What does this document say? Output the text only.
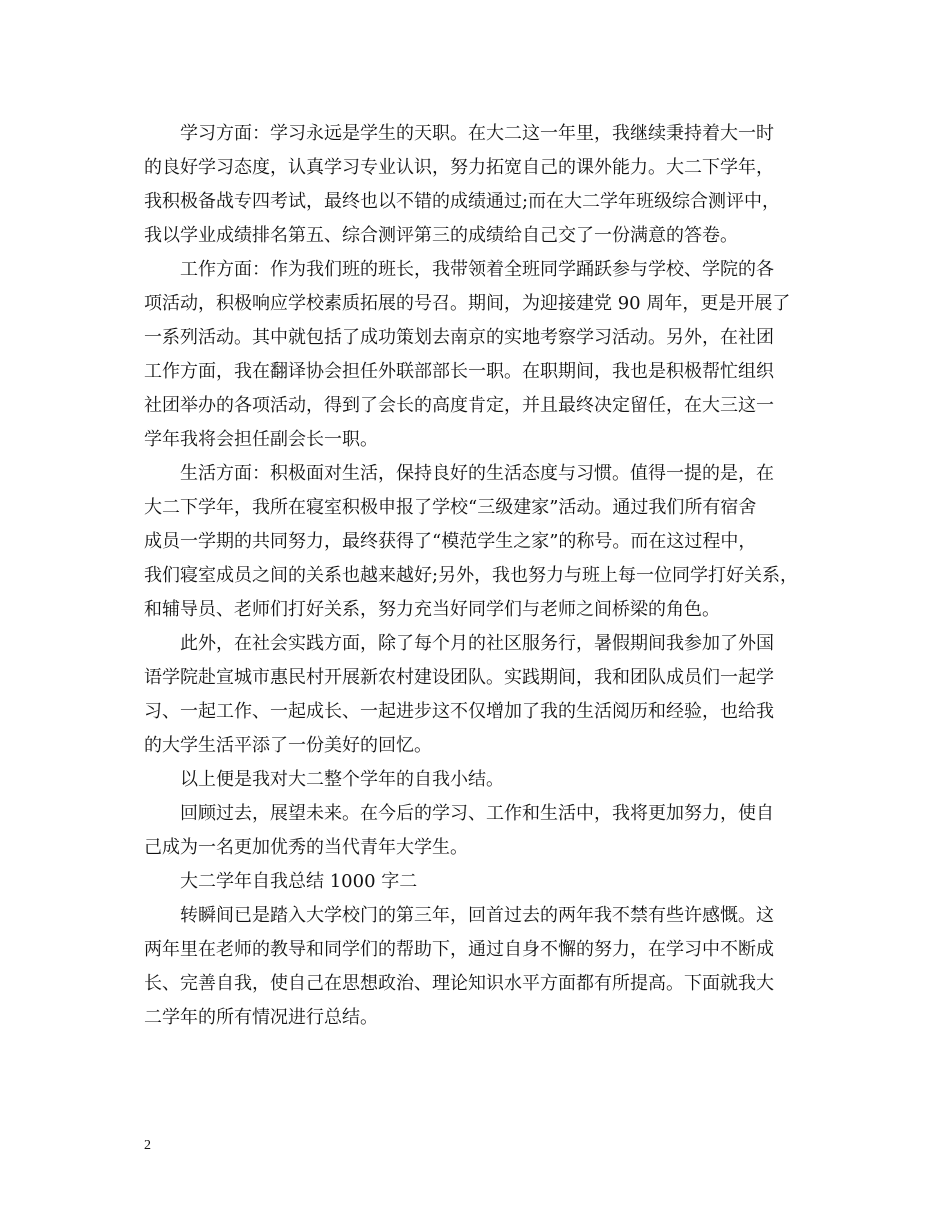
学习方面：学习永远是学生的天职。在大二这一年里，我继续秉持着大一时
的良好学习态度，认真学习专业认识，努力拓宽自己的课外能力。大二下学年，
我积极备战专四考试，最终也以不错的成绩通过;而在大二学年班级综合测评中，
我以学业成绩排名第五、综合测评第三的成绩给自己交了一份满意的答卷。
工作方面：作为我们班的班长，我带领着全班同学踊跃参与学校、学院的各
项活动，积极响应学校素质拓展的号召。期间，为迎接建党 90 周年，更是开展了
一系列活动。其中就包括了成功策划去南京的实地考察学习活动。另外，在社团
工作方面，我在翻译协会担任外联部部长一职。在职期间，我也是积极帮忙组织
社团举办的各项活动，得到了会长的高度肯定，并且最终决定留任，在大三这一
学年我将会担任副会长一职。
生活方面：积极面对生活，保持良好的生活态度与习惯。值得一提的是，在
大二下学年，我所在寝室积极申报了学校“三级建家”活动。通过我们所有宿舍
成员一学期的共同努力，最终获得了“模范学生之家”的称号。而在这过程中，
我们寝室成员之间的关系也越来越好;另外，我也努力与班上每一位同学打好关系，
和辅导员、老师们打好关系，努力充当好同学们与老师之间桥梁的角色。
此外，在社会实践方面，除了每个月的社区服务行，暑假期间我参加了外国
语学院赴宣城市惠民村开展新农村建设团队。实践期间，我和团队成员们一起学
习、一起工作、一起成长、一起进步这不仅增加了我的生活阅历和经验，也给我
的大学生活平添了一份美好的回忆。
以上便是我对大二整个学年的自我小结。
回顾过去，展望未来。在今后的学习、工作和生活中，我将更加努力，使自
己成为一名更加优秀的当代青年大学生。
大二学年自我总结 1000 字二
转瞬间已是踏入大学校门的第三年，回首过去的两年我不禁有些许感慨。这
两年里在老师的教导和同学们的帮助下，通过自身不懈的努力，在学习中不断成
长、完善自我，使自己在思想政治、理论知识水平方面都有所提高。下面就我大
二学年的所有情况进行总结。
2
